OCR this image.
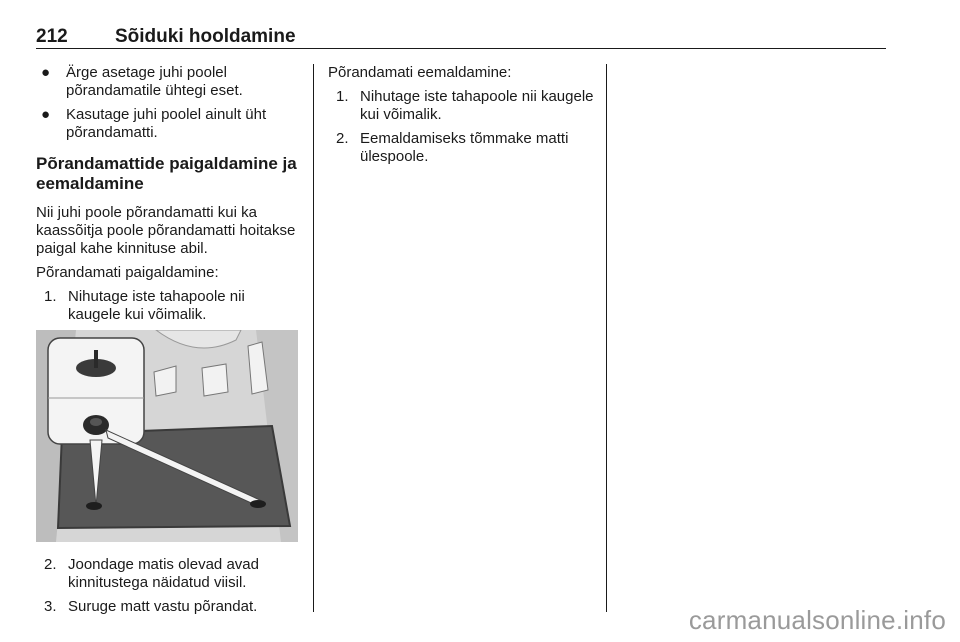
212 Sõiduki hooldamine
● Ärge asetage juhi poolel põrandamatile ühtegi eset.
● Kasutage juhi poolel ainult üht põrandamatti.
Põrandamattide paigaldamine ja eemaldamine

Nii juhi poole põrandamatti kui ka kaassõitja poole põrandamatti hoitakse paigal kahe kinnituse abil.

Põrandamati paigaldamine:

1. Nihutage iste tahapoole nii kaugele kui võimalik.
2. Joondage matis olevad avad kinnitustega näidatud viisil.
3. Suruge matt vastu põrandat.

Põrandamati eemaldamine:

1. Nihutage iste tahapoole nii kaugele kui võimalik.
2. Eemaldamiseks tõmmake matti ülespoole.
carmanualsonline.info
